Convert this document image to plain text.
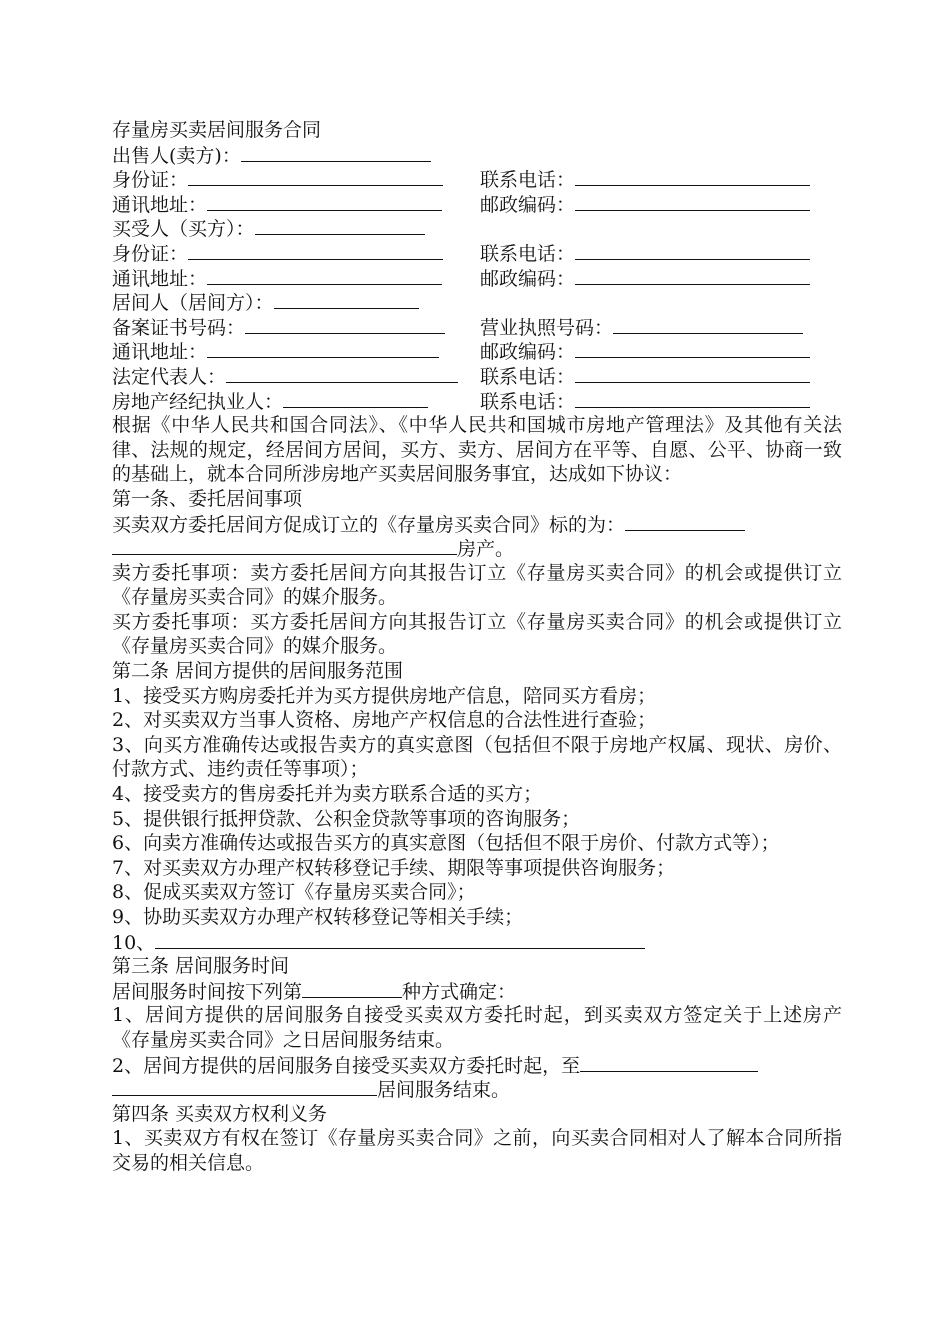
存量房买卖居间服务合同
出售人(卖方)：
身份证：	联系电话：
通讯地址：	邮政编码：
买受人（买方）：
身份证：	联系电话：
通讯地址：	邮政编码：
居间人（居间方）：
备案证书号码：	营业执照号码：
通讯地址：	邮政编码：
法定代表人：	联系电话：
房地产经纪执业人：	联系电话：
根据《中华人民共和国合同法》、《中华人民共和国城市房地产管理法》及其他有关法律、法规的规定，经居间方居间，买方、卖方、居间方在平等、自愿、公平、协商一致的基础上，就本合同所涉房地产买卖居间服务事宜，达成如下协议：
第一条、委托居间事项
买卖双方委托居间方促成订立的《存量房买卖合同》标的为：
房产。
卖方委托事项：卖方委托居间方向其报告订立《存量房买卖合同》的机会或提供订立《存量房买卖合同》的媒介服务。
买方委托事项：买方委托居间方向其报告订立《存量房买卖合同》的机会或提供订立《存量房买卖合同》的媒介服务。
第二条 居间方提供的居间服务范围
1、接受买方购房委托并为买方提供房地产信息，陪同买方看房；
2、对买卖双方当事人资格、房地产产权信息的合法性进行查验；
3、向买方准确传达或报告卖方的真实意图（包括但不限于房地产权属、现状、房价、付款方式、违约责任等事项）；
4、接受卖方的售房委托并为卖方联系合适的买方；
5、提供银行抵押贷款、公积金贷款等事项的咨询服务；
6、向卖方准确传达或报告买方的真实意图（包括但不限于房价、付款方式等）；
7、对买卖双方办理产权转移登记手续、期限等事项提供咨询服务；
8、促成买卖双方签订《存量房买卖合同》；
9、协助买卖双方办理产权转移登记等相关手续；
10、
第三条 居间服务时间
居间服务时间按下列第	种方式确定：
1、居间方提供的居间服务自接受买卖双方委托时起，到买卖双方签定关于上述房产《存量房买卖合同》之日居间服务结束。
2、居间方提供的居间服务自接受买卖双方委托时起，至
居间服务结束。
第四条 买卖双方权利义务
1、买卖双方有权在签订《存量房买卖合同》之前，向买卖合同相对人了解本合同所指交易的相关信息。
